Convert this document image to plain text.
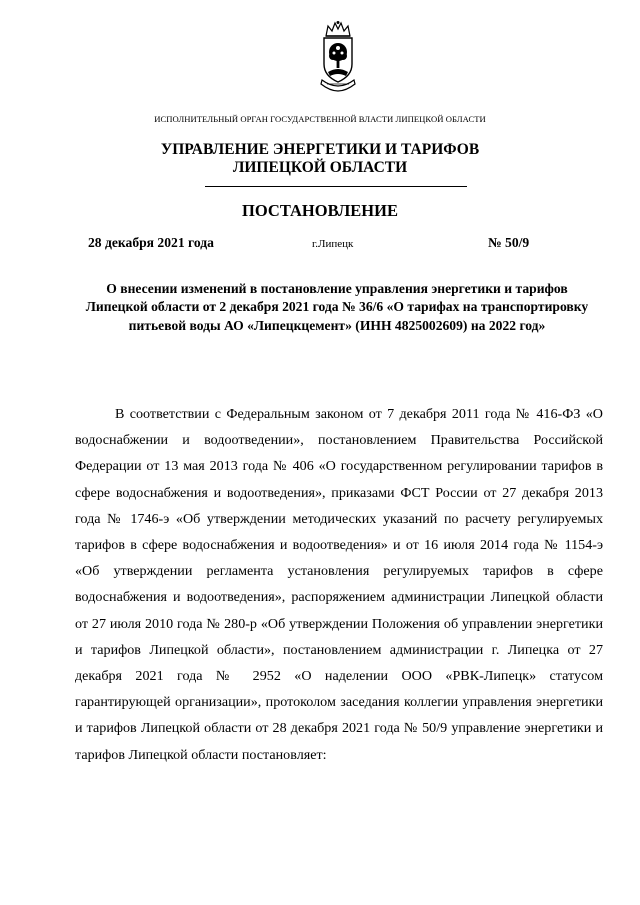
ИСПОЛНИТЕЛЬНЫЙ ОРГАН ГОСУДАРСТВЕННОЙ ВЛАСТИ ЛИПЕЦКОЙ ОБЛАСТИ
УПРАВЛЕНИЕ ЭНЕРГЕТИКИ И ТАРИФОВ
ЛИПЕЦКОЙ ОБЛАСТИ
ПОСТАНОВЛЕНИЕ
28 декабря 2021 года	г.Липецк	№ 50/9

О внесении изменений в постановление управления энергетики и тарифов Липецкой области от 2 декабря 2021 года № 36/6 «О тарифах на транспортировку питьевой воды АО «Липецкцемент» (ИНН 4825002609) на 2022 год»

В соответствии с Федеральным законом от 7 декабря 2011 года № 416-ФЗ «О водоснабжении и водоотведении», постановлением Правительства Российской Федерации от 13 мая 2013 года № 406 «О государственном регулировании тарифов в сфере водоснабжения и водоотведения», приказами ФСТ России от 27 декабря 2013 года № 1746-э «Об утверждении методических указаний по расчету регулируемых тарифов в сфере водоснабжения и водоотведения» и от 16 июля 2014 года № 1154-э «Об утверждении регламента установления регулируемых тарифов в сфере водоснабжения и водоотведения», распоряжением администрации Липецкой области от 27 июля 2010 года № 280-р «Об утверждении Положения об управлении энергетики и тарифов Липецкой области», постановлением администрации г. Липецка от 27 декабря 2021 года № 2952 «О наделении ООО «РВК-Липецк» статусом гарантирующей организации», протоколом заседания коллегии управления энергетики и тарифов Липецкой области от 28 декабря 2021 года № 50/9 управление энергетики и тарифов Липецкой области постановляет:
